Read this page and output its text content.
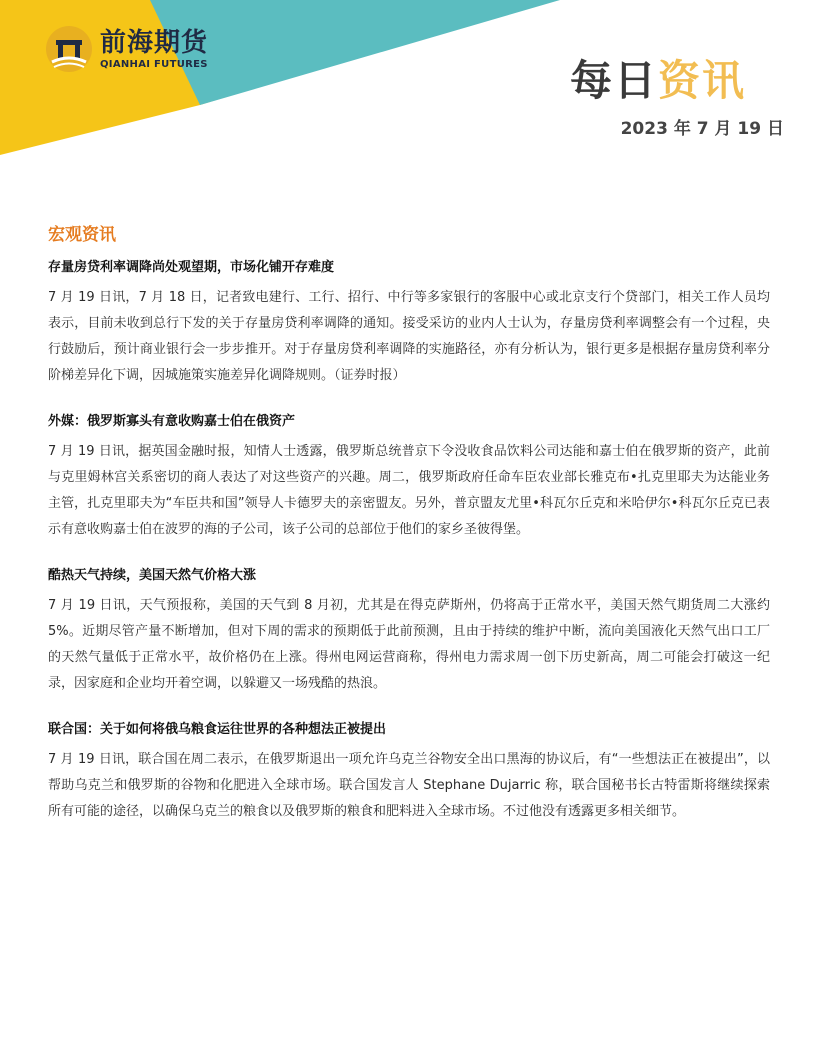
前海期货
QIANHAI FUTURES	每日资讯
2023 年 7 月 19 日
宏观资讯
存量房贷利率调降尚处观望期，市场化铺开存难度

7 月 19 日讯，7 月 18 日，记者致电建行、工行、招行、中行等多家银行的客服中心或北京支行个贷部门，相关工作人员均表示，目前未收到总行下发的关于存量房贷利率调降的通知。接受采访的业内人士认为，存量房贷利率调整会有一个过程，央行鼓励后，预计商业银行会一步步推开。对于存量房贷利率调降的实施路径，亦有分析认为，银行更多是根据存量房贷利率分阶梯差异化下调，因城施策实施差异化调降规则。（证券时报）

外媒：俄罗斯寡头有意收购嘉士伯在俄资产

7 月 19 日讯，据英国金融时报，知情人士透露，俄罗斯总统普京下令没收食品饮料公司达能和嘉士伯在俄罗斯的资产，此前与克里姆林宫关系密切的商人表达了对这些资产的兴趣。周二，俄罗斯政府任命车臣农业部长雅克布•扎克里耶夫为达能业务主管，扎克里耶夫为“车臣共和国”领导人卡德罗夫的亲密盟友。另外，普京盟友尤里•科瓦尔丘克和米哈伊尔•科瓦尔丘克已表示有意收购嘉士伯在波罗的海的子公司，该子公司的总部位于他们的家乡圣彼得堡。

酷热天气持续，美国天然气价格大涨

7 月 19 日讯，天气预报称，美国的天气到 8 月初，尤其是在得克萨斯州，仍将高于正常水平，美国天然气期货周二大涨约 5%。近期尽管产量不断增加，但对下周的需求的预期低于此前预测，且由于持续的维护中断，流向美国液化天然气出口工厂的天然气量低于正常水平，故价格仍在上涨。得州电网运营商称，得州电力需求周一创下历史新高，周二可能会打破这一纪录，因家庭和企业均开着空调，以躲避又一场残酷的热浪。

联合国：关于如何将俄乌粮食运往世界的各种想法正被提出

7 月 19 日讯，联合国在周二表示，在俄罗斯退出一项允许乌克兰谷物安全出口黑海的协议后，有“一些想法正在被提出”，以帮助乌克兰和俄罗斯的谷物和化肥进入全球市场。联合国发言人 Stephane Dujarric 称，联合国秘书长古特雷斯将继续探索所有可能的途径，以确保乌克兰的粮食以及俄罗斯的粮食和肥料进入全球市场。不过他没有透露更多相关细节。
